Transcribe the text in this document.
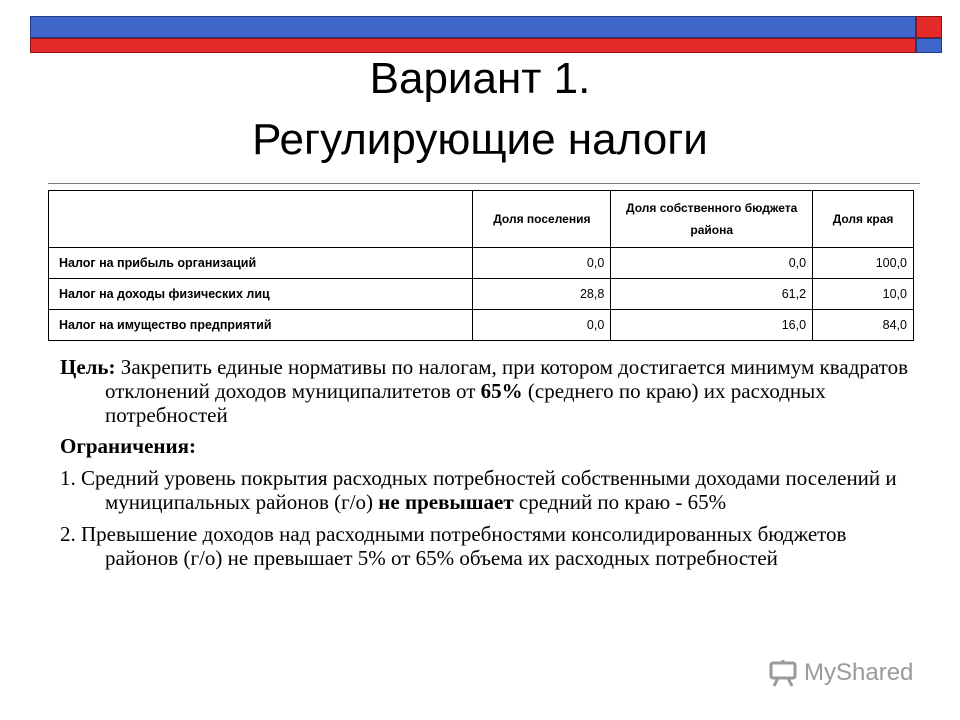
Вариант 1.
Регулирующие налоги
	Доля поселения	Доля собственного бюджета района	Доля края
Налог на прибыль организаций	0,0	0,0	100,0
Налог на доходы физических лиц	28,8	61,2	10,0
Налог на имущество предприятий	0,0	16,0	84,0

Цель: Закрепить единые нормативы по налогам, при котором достигается минимум квадратов отклонений доходов муниципалитетов от 65% (среднего по краю) их расходных потребностей

Ограничения:

1. Средний уровень покрытия расходных потребностей собственными доходами поселений и муниципальных районов (г/о) не превышает средний по краю - 65%

2. Превышение доходов над расходными потребностями консолидированных бюджетов районов (г/о) не превышает 5% от 65% объема их расходных потребностей

MyShared
